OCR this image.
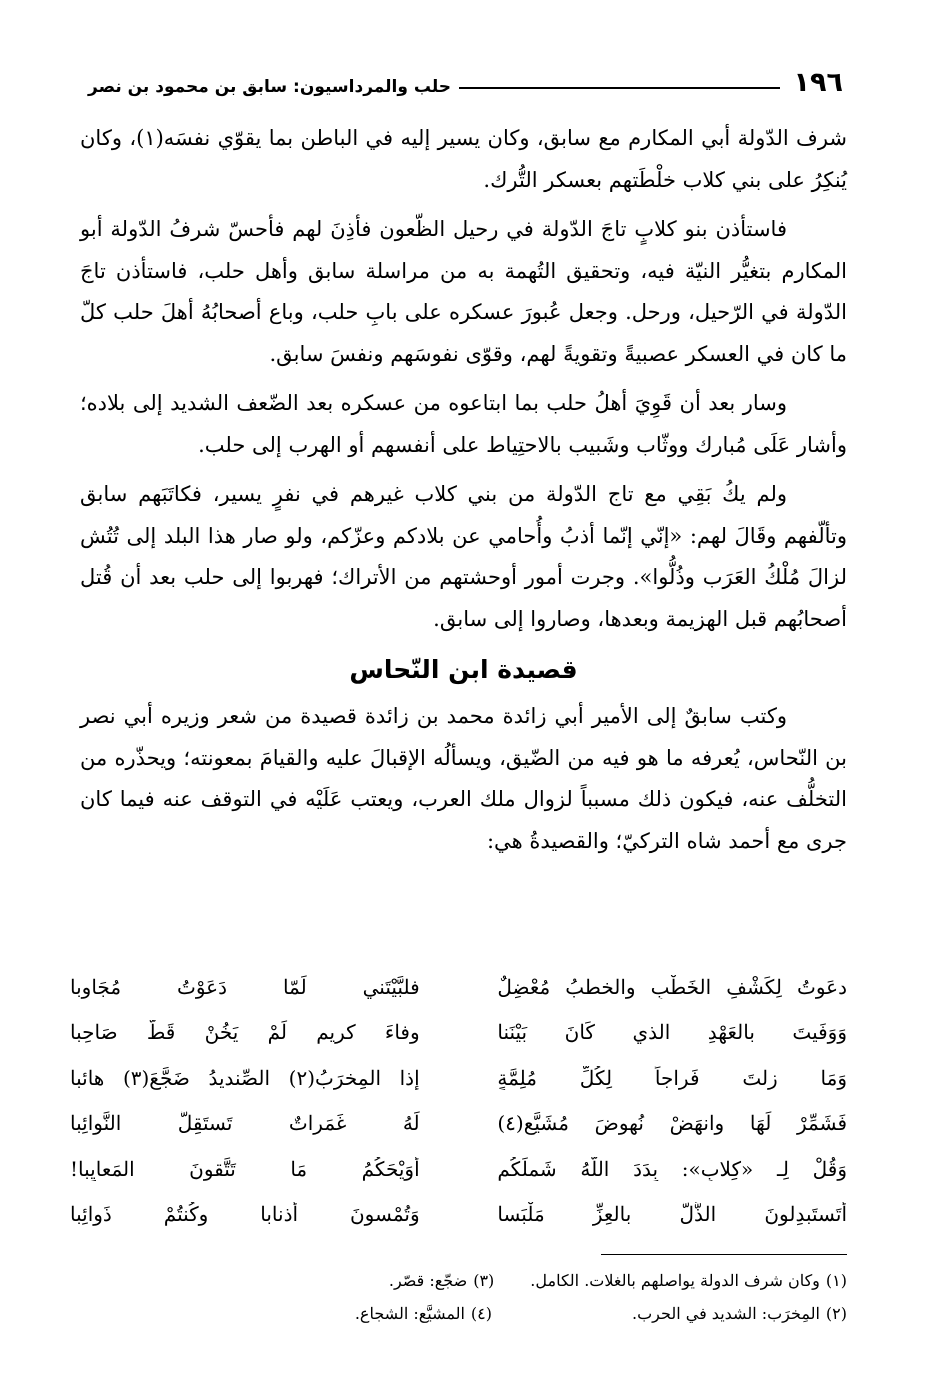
١٩٦
حلب والمرداسيون: سابق بن محمود بن نصر

شرف الدّولة أبي المكارم مع سابق، وكان يسير إليه في الباطن بما يقوّي نفسَه(١)، وكان يُنكِرُ على بني كلاب خلْطَتهم بعسكر التُّرك.

فاستأذن بنو كلابٍ تاجَ الدّولة في رحيل الظّعون فأذِنَ لهم فأحسّ شرفُ الدّولة أبو المكارم بتغيُّر النيّة فيه، وتحقيق التُهمة به من مراسلة سابق وأهل حلب، فاستأذن تاجَ الدّولة في الرّحيل، ورحل. وجعل عُبورَ عسكره على بابِ حلب، وباع أصحابُهُ أهلَ حلب كلّ ما كان في العسكر عصبيةً وتقويةً لهم، وقوّى نفوسَهم ونفسَ سابق.

وسار بعد أن قَوِيَ أهلُ حلب بما ابتاعوه من عسكره بعد الضّعف الشديد إلى بلاده؛ وأشار عَلَى مُبارك ووثّاب وشَبيب بالاحتِياط على أنفسهم أو الهرب إلى حلب.

ولم يكُ بَقِي مع تاج الدّولة من بني كلاب غيرهم في نفرٍ يسير، فكاتَبَهم سابق وتألّفهم وقَالَ لهم: «إنّي إنّما أذبُ وأُحامي عن بلادكم وعزّكم، ولو صار هذا البلد إلى تُتُش لزالَ مُلْكُ العَرَب وذُلُّوا». وجرت أمور أوحشتهم من الأتراك؛ فهربوا إلى حلب بعد أن قُتل أصحابُهم قبل الهزيمة وبعدها، وصاروا إلى سابق.

قصيدة ابن النّحاس

وكتب سابقٌ إلى الأمير أبي زائدة محمد بن زائدة قصيدة من شعر وزيره أبي نصر بن النّحاس، يُعرفه ما هو فيه من الضّيق، ويسألُه الإقبالَ عليه والقيامَ بمعونته؛ ويحذّره من التخلُّف عنه، فيكون ذلك مسبباً لزوال ملك العرب، ويعتب عَلَيْه في التوقف عنه فيما كان جرى مع أحمد شاه التركيّ؛ والقصيدةُ هي:

دعَوتُ لِكَشْفِ الخَطْبِ والخطبُ مُعْضِلٌ
فلبَّيْتَني لَمّا دَعَوْتُ مُجَاوِبا
وَوَفَيتَ بالعَهْدِ الذي كَانَ بَيْنَنا
وفاءَ كريمٍ لَمْ يَخُنْ قَطُّ صَاحِبا
وَمَا زِلتَ فَراجاً لِكُلِّ مُلِمَّةٍ
إذا المِخرَبُ(٢) الصِّنديدُ ضَجَّعَ(٣) هائبا
فَشَمِّرْ لَهَا وانهَضْ نُهوضَ مُشَيَّعٍ(٤)
لَهُ غَمَراتٌ تَستَقِلُّ النَّوائِبا
وَقُلْ لِـ «كِلابٍ»: بِدَدَ اللّهُ شَملَكُم
أوَيْحَكُمُ مَا تَتَّقونَ المَعايِبا!
أتَستَبدِلونَ الذُّلَّ بالعِزِّ مَلْبَسا
وَتُمْسونَ أذنابا وكُنتُمْ ذَوائِبا
(١)
وكان شرف الدولة يواصلهم بالغلات. الكامل.
(٣)
ضجّع: قصّر.
(٢)
المِخرَب: الشديد في الحرب.
(٤)
المشيَّع: الشجاع.
